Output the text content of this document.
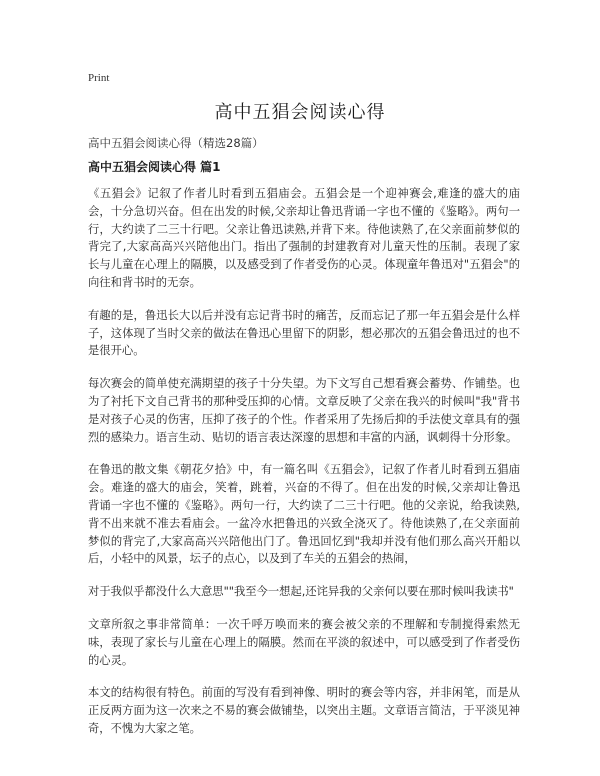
Print
高中五猖会阅读心得

高中五猖会阅读心得（精选28篇）

高中五猖会阅读心得 篇1

《五猖会》记叙了作者儿时看到五猖庙会。五猖会是一个迎神赛会,难逢的盛大的庙会，十分急切兴奋。但在出发的时候,父亲却让鲁迅背诵一字也不懂的《鉴略》。两句一行，大约读了二三十行吧。父亲让鲁迅读熟,并背下来。待他读熟了,在父亲面前梦似的背完了,大家高高兴兴陪他出门。指出了强制的封建教育对儿童天性的压制。表现了家长与儿童在心理上的隔膜，以及感受到了作者受伤的心灵。体现童年鲁迅对"五猖会"的向往和背书时的无奈。

有趣的是，鲁迅长大以后并没有忘记背书时的痛苦，反而忘记了那一年五猖会是什么样子，这体现了当时父亲的做法在鲁迅心里留下的阴影，想必那次的五猖会鲁迅过的也不是很开心。

每次赛会的简单使充满期望的孩子十分失望。为下文写自己想看赛会蓄势、作铺垫。也为了衬托下文自己背书的那种受压抑的心情。文章反映了父亲在我兴的时候叫"我"背书是对孩子心灵的伤害，压抑了孩子的个性。作者采用了先扬后抑的手法使文章具有的强烈的感染力。语言生动、贴切的语言表达深邃的思想和丰富的内涵，讽刺得十分形象。

在鲁迅的散文集《朝花夕拾》中，有一篇名叫《五猖会》，记叙了作者儿时看到五猖庙会。难逢的盛大的庙会，笑着，跳着，兴奋的不得了。但在出发的时候,父亲却让鲁迅背诵一字也不懂的《鉴略》。两句一行，大约读了二三十行吧。他的父亲说，给我读熟,背不出来就不准去看庙会。一盆冷水把鲁迅的兴致全浇灭了。待他读熟了,在父亲面前梦似的背完了,大家高高兴兴陪他出门了。鲁迅回忆到"我却并没有他们那么高兴开船以后，小轻中的风景，坛子的点心，以及到了车关的五猖会的热闹，

对于我似乎都没什么大意思""我至今一想起,还诧异我的父亲何以要在那时候叫我读书"

文章所叙之事非常简单：一次千呼万唤而来的赛会被父亲的不理解和专制搅得索然无味，表现了家长与儿童在心理上的隔膜。然而在平淡的叙述中，可以感受到了作者受伤的心灵。

本文的结构很有特色。前面的写没有看到神像、明时的赛会等内容，并非闲笔，而是从正反两方面为这一次来之不易的赛会做铺垫，以突出主题。文章语言简洁，于平淡见神奇，不愧为大家之笔。
